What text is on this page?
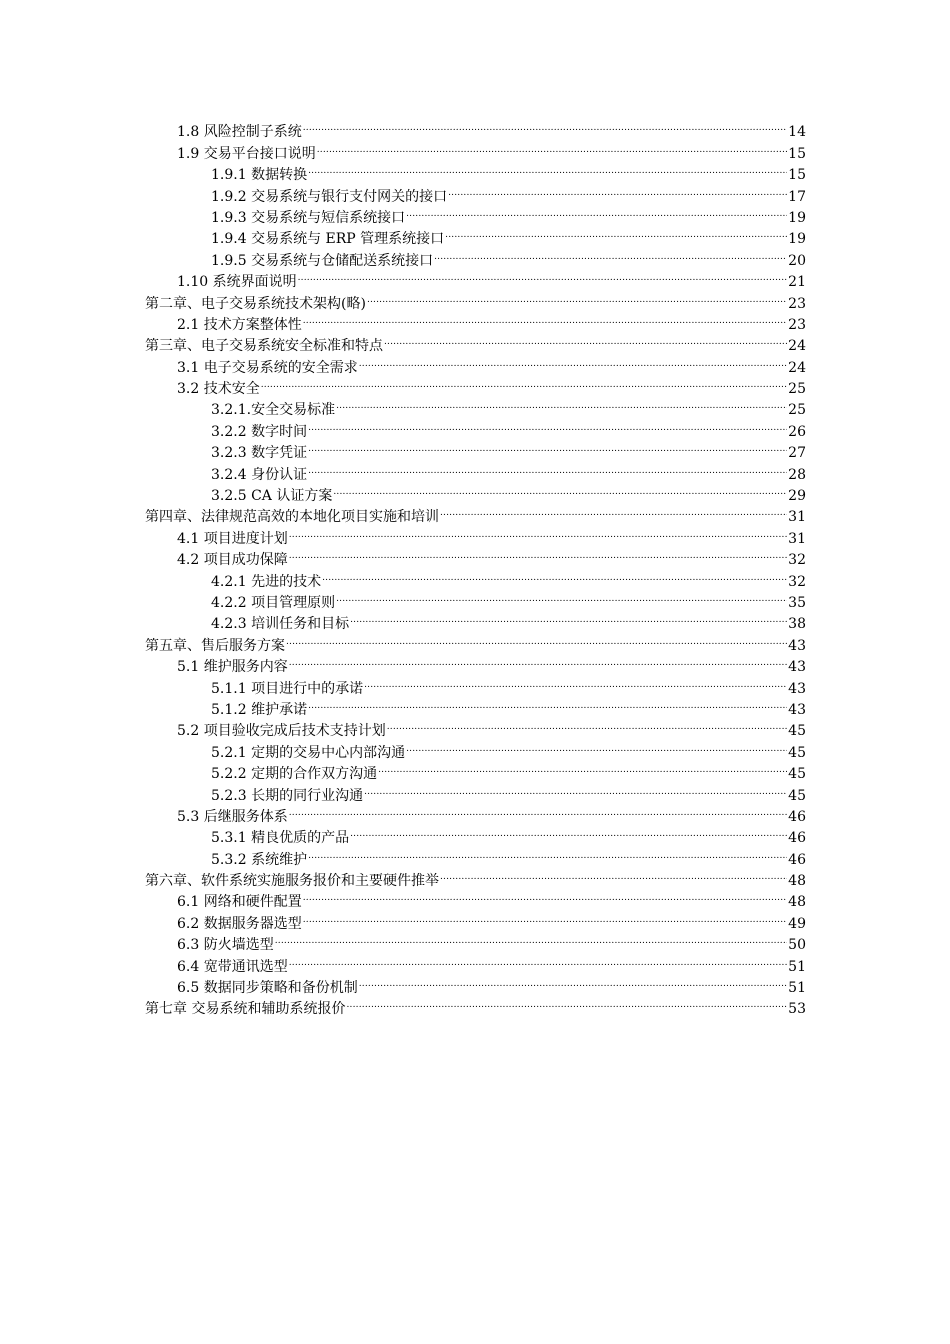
1.8 风险控制子系统 .....	14
1.9 交易平台接口说明 .....	15
1.9.1 数据转换 .....	15
1.9.2 交易系统与银行支付网关的接口 .....	17
1.9.3 交易系统与短信系统接口 .....	19
1.9.4 交易系统与 ERP 管理系统接口 .....	19
1.9.5 交易系统与仓储配送系统接口 .....	20
1.10 系统界面说明 .....	21
第二章、电子交易系统技术架构(略) .....	23
2.1 技术方案整体性 .....	23
第三章、电子交易系统安全标准和特点 .....	24
3.1 电子交易系统的安全需求 .....	24
3.2 技术安全 .....	25
3.2.1.安全交易标准 .....	25
3.2.2 数字时间 .....	26
3.2.3 数字凭证 .....	27
3.2.4 身份认证 .....	28
3.2.5 CA 认证方案 .....	29
第四章、法律规范高效的本地化项目实施和培训 .....	31
4.1 项目进度计划 .....	31
4.2 项目成功保障 .....	32
4.2.1 先进的技术 .....	32
4.2.2 项目管理原则 .....	35
4.2.3 培训任务和目标 .....	38
第五章、售后服务方案 .....	43
5.1 维护服务内容 .....	43
5.1.1 项目进行中的承诺 .....	43
5.1.2 维护承诺 .....	43
5.2 项目验收完成后技术支持计划 .....	45
5.2.1 定期的交易中心内部沟通 .....	45
5.2.2 定期的合作双方沟通 .....	45
5.2.3 长期的同行业沟通 .....	45
5.3 后继服务体系 .....	46
5.3.1 精良优质的产品 .....	46
5.3.2 系统维护 .....	46
第六章、软件系统实施服务报价和主要硬件推举 .....	48
6.1 网络和硬件配置 .....	48
6.2 数据服务器选型 .....	49
6.3 防火墙选型 .....	50
6.4 宽带通讯选型 .....	51
6.5 数据同步策略和备份机制 .....	51
第七章 交易系统和辅助系统报价 .....	53
